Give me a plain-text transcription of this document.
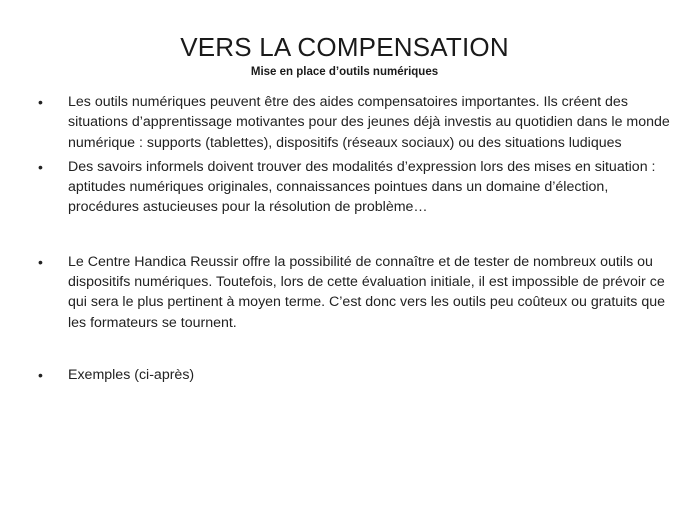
VERS LA COMPENSATION
Mise en place d’outils numériques
• Les outils numériques peuvent être des aides compensatoires importantes. Ils créent des situations d’apprentissage motivantes pour des jeunes déjà investis au quotidien dans le monde numérique : supports (tablettes), dispositifs (réseaux sociaux) ou des situations ludiques
• Des savoirs informels doivent trouver des modalités d’expression lors des mises en situation : aptitudes numériques originales, connaissances pointues dans un domaine d’élection, procédures astucieuses pour la résolution de problème…
• Le Centre Handica Reussir offre la possibilité de connaître et de tester de nombreux outils ou dispositifs numériques. Toutefois, lors de cette évaluation initiale, il est impossible de prévoir ce qui sera le plus pertinent à moyen terme. C’est donc vers les outils peu coûteux ou gratuits que les formateurs se tournent.
• Exemples (ci-après)
